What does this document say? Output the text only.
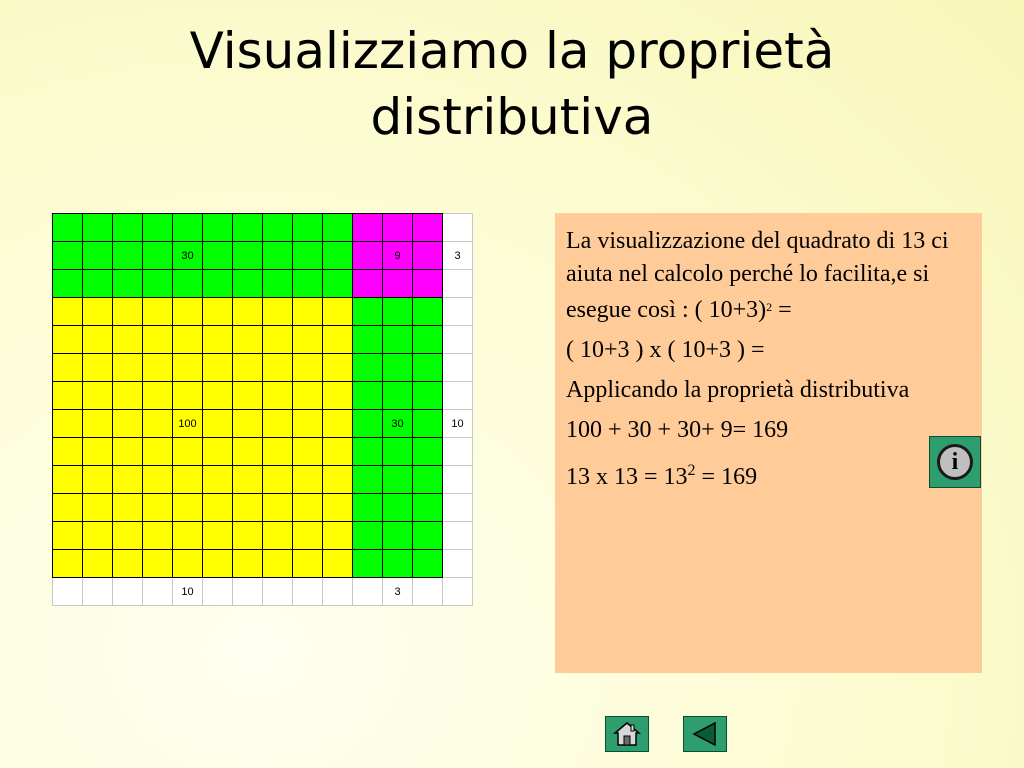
Visualizziamo la proprietà
distributiva

				30							9		3

				100							30		10

				10							3		

La visualizzazione del quadrato di 13 ci aiuta nel calcolo perché lo facilita,e si esegue così : ( 10+3)$^2$ =

( 10+3 ) x ( 10+3 ) =

Applicando la proprietà distributiva

100 + 30 + 30+ 9= 169

13 x $13 = 13^2 = 169$

i
